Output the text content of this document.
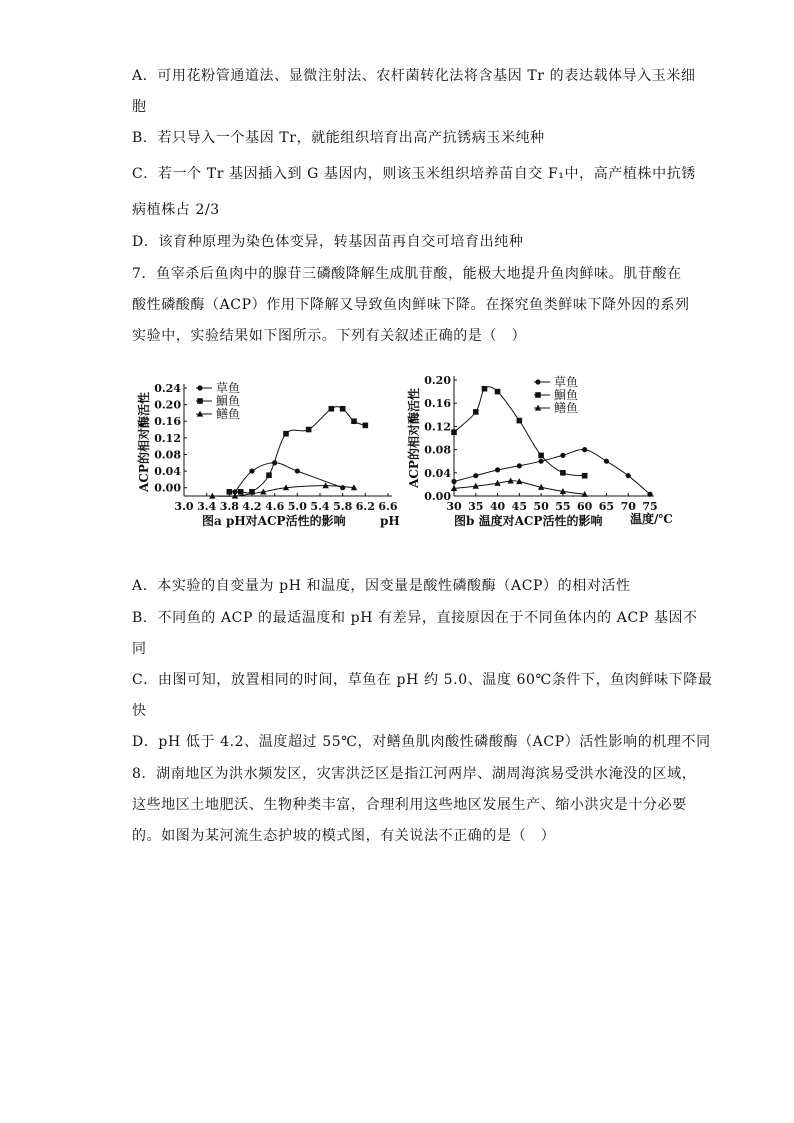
A．可用花粉管通道法、显微注射法、农杆菌转化法将含基因 Tr 的表达载体导入玉米细
胞
B．若只导入一个基因 Tr，就能组织培育出高产抗锈病玉米纯种
C．若一个 Tr 基因插入到 G 基因内，则该玉米组织培养苗自交 F₁中，高产植株中抗锈
病植株占 2/3
D．该育种原理为染色体变异，转基因苗再自交可培育出纯种
7．鱼宰杀后鱼肉中的腺苷三磷酸降解生成肌苷酸，能极大地提升鱼肉鲜味。肌苷酸在
酸性磷酸酶（ACP）作用下降解又导致鱼肉鲜味下降。在探究鱼类鲜味下降外因的系列
实验中，实验结果如下图所示。下列有关叙述正确的是（　）
3.0 3.4 3.8 4.2 4.6 5.0 5.4 5.8 6.2 6.6
0.24
0.20
0.16
0.12
0.08
0.04
0.00
ACP的相对酶活性
pH
图a pH对ACP活性的影响
草鱼
鮰鱼
鳝鱼
30 35 40 45 50 55 60 65 70 75
0.20
0.16
0.12
0.08
0.04
0.00
ACP的相对酶活性
温度/℃
图b 温度对ACP活性的影响
草鱼
鮰鱼
鳝鱼
A．本实验的自变量为 pH 和温度，因变量是酸性磷酸酶（ACP）的相对活性
B．不同鱼的 ACP 的最适温度和 pH 有差异，直接原因在于不同鱼体内的 ACP 基因不
同
C．由图可知，放置相同的时间，草鱼在 pH 约 5.0、温度 60℃条件下，鱼肉鲜味下降最
快
D．pH 低于 4.2、温度超过 55℃，对鳝鱼肌肉酸性磷酸酶（ACP）活性影响的机理不同
8．湖南地区为洪水频发区，灾害洪泛区是指江河两岸、湖周海滨易受洪水淹没的区域，
这些地区土地肥沃、生物种类丰富，合理利用这些地区发展生产、缩小洪灾是十分必要
的。如图为某河流生态护坡的模式图，有关说法不正确的是（　）
